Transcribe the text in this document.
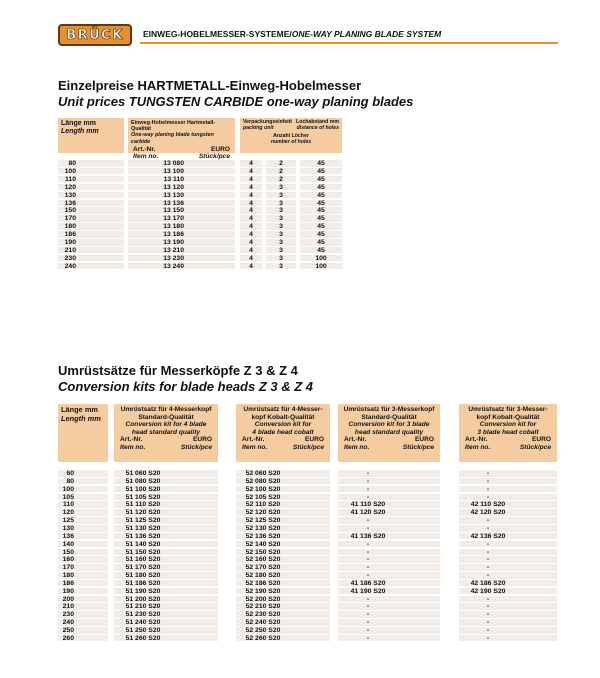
BRÜCK EINWEG-HOBELMESSER-SYSTEME/ONE-WAY PLANING BLADE SYSTEM
Einzelpreise HARTMETALL-Einweg-Hobelmesser
Unit prices TUNGSTEN CARBIDE one-way planing blades
Länge mm
Length mm
Einweg-Hobelmesser Hartmetall-Qualität
One-way planing blade tungsten carbide
Art.-Nr.	EURO
Item no.	Stück/pce
Verpackungseinheit Lochabstand mm
packing unit	distance of holes
Anzahl Löcher
number of holes
80	13 080	4	2	45
100	13 100	4	2	45
110	13 110	4	2	45
120	13 120	4	3	45
130	13 130	4	3	45
136	13 136	4	3	45
150	13 150	4	3	45
170	13 170	4	3	45
180	13 180	4	3	45
186	13 186	4	3	45
190	13 190	4	3	45
210	13 210	4	3	45
230	13 230	4	3	100
240	13 240	4	3	100
Umrüstsätze für Messerköpfe Z 3 & Z 4
Conversion kits for blade heads Z 3 & Z 4
Länge mm
Length mm
Umrüstsatz für 4-Messerkopf
Standard-Qualität
Conversion kit for 4 blade
head standard quality
Art.-Nr.	EURO
Item no.	Stück/pce
Umrüstsatz für 4-Messer-
kopf Kobalt-Qualität
Conversion kit for
4 blade head cobalt
Art.-Nr.	EURO
Item no.	Stück/pce
Umrüstsatz für 3-Messerkopf
Standard-Qualität
Conversion kit for 3 blade
head standard quality
Art.-Nr.	EURO
Item no.	Stück/pce
Umrüstsatz für 3-Messer-
kopf Kobalt-Qualität
Conversion kit for
3 blade head cobalt
Art.-Nr.	EURO
Item no.	Stück/pce
60	51 060 S20	52 060 S20	-	-
80	51 080 S20	52 080 S20	-	-
100	51 100 S20	52 100 S20	-	-
105	51 105 S20	52 105 S20	-	-
110	51 110 S20	52 110 S20	41 110 S20	42 110 S20
120	51 120 S20	52 120 S20	41 120 S20	42 120 S20
125	51 125 S20	52 125 S20	-	-
130	51 130 S20	52 130 S20	-	-
136	51 136 S20	52 136 S20	41 136 S20	42 136 S20
140	51 140 S20	52 140 S20	-	-
150	51 150 S20	52 150 S20	-	-
160	51 160 S20	52 160 S20	-	-
170	51 170 S20	52 170 S20	-	-
180	51 180 S20	52 180 S20	-	-
186	51 186 S20	52 186 S20	41 186 S20	42 186 S20
190	51 190 S20	52 190 S20	41 190 S20	42 190 S20
200	51 200 S20	52 200 S20	-	-
210	51 210 S20	52 210 S20	-	-
230	51 230 S20	52 230 S20	-	-
240	51 240 S20	52 240 S20	-	-
250	51 250 S20	52 250 S20	-	-
260	51 260 S20	52 260 S20	-	-
